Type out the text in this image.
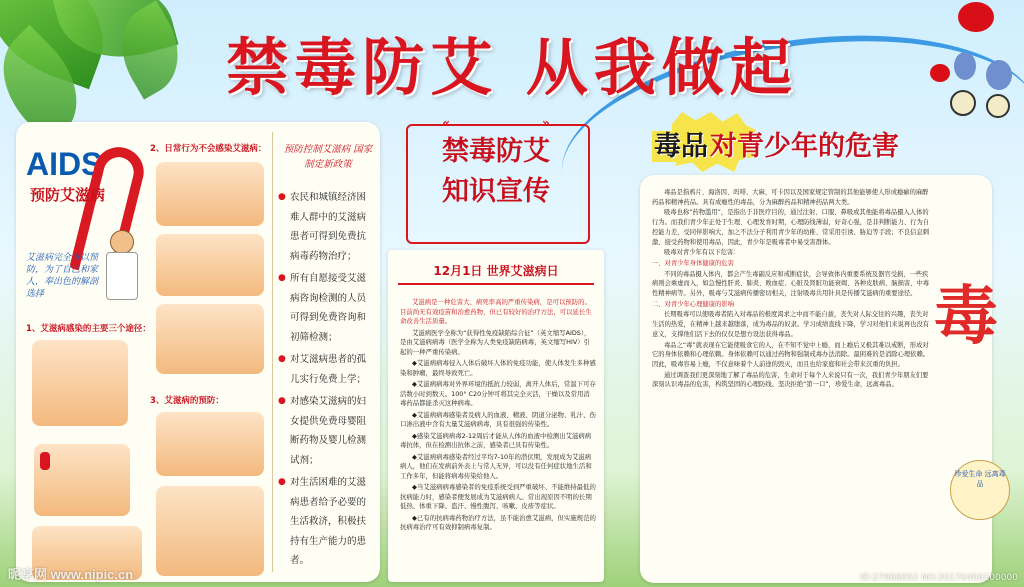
禁毒防艾 从我做起
AIDS
预防艾滋病
艾滋病完全可以预防，为了自己和家人，奉出色的解剖选择
1、艾滋病感染的主要三个途径：
2、日常行为不会感染艾滋病：
3、艾滋病的预防：
预防控制艾滋病 国家制定新政策
● 农民和城镇经济困难人群中的艾滋病患者可得到免费抗病毒药物治疗；
● 所有自愿接受艾滋病咨询检测的人员可得到免费咨询和初筛检测；
● 对艾滋病患者的孤儿实行免费上学；
● 对感染艾滋病的妇女提供免费母婴阻断药物及婴儿检测试剂；
● 对生活困难的艾滋病患者给予必要的生活救济，积极扶持有生产能力的患者。
«                      »
禁毒防艾
知识宣传
12月1日 世界艾滋病日

艾滋病是一种危害大、病死率高的严重传染病，是可以预防的。目前尚无有效疫苗和治愈药物，但已有较好的治疗方法，可以延长生命改善生活质量。

艾滋病医学全称为“获得性免疫缺陷综合征”（英文缩写AIDS），是由艾滋病病毒（医学全称为人类免疫缺陷病毒，英文缩写HIV）引起的一种严重传染病。

◆艾滋病病毒侵入人体后破坏人体的免疫功能，使人体发生多种感染和肿瘤，最终导致死亡。

◆艾滋病病毒对外界环境的抵抗力较弱，离开人体后，常温下可存活数小时到数天。100° C20分钟可将其完全灭活，干燥以及常用消毒药品都能杀灭这种病毒。

◆艾滋病病毒感染者及病人的血液、精液、阴道分泌物、乳汁、伤口渗出液中含有大量艾滋病病毒，具有很强的传染性。

◆感染艾滋病病毒2-12周后才能从人体的血液中检测出艾滋病病毒抗体，但在检测出抗体之前，感染者已具有传染性。

◆艾滋病病毒感染者经过平均7-10年的潜伏期，发展成为艾滋病病人，他们在发病前外表上与常人无异，可以没有任何症状地生活和工作多年，但能将病毒传染给他人。

◆当艾滋病病毒感染者的免疫系统受到严重破坏、不能维持最低的抗病能力时，感染者便发展成为艾滋病病人。常出现原因不明的长期低热、体重下降、盗汗、慢性腹泻、咳嗽、皮疹等症状。

◆已有的抗病毒药物治疗方法，虽不能治愈艾滋病，但实施规范的抗病毒治疗可有效抑制病毒复制。

毒品对青少年的危害

毒品是指鸦片、海洛因、吗啡、大麻、可卡因以及国家规定管制的其他能够使人形成瘾癖的麻醉药品和精神药品。具有成瘾性的毒品，分为麻醉药品和精神药品两大类。

吸毒也称“药物滥用”，是指出于非医疗目的，通过注射、口服、鼻吸或其他能将毒品摄入人体的行为。而我们青少年正处于生理、心理发育时期，心理防线薄弱，好奇心强，是非判断能力、行为自控能力差，受同伴影响大，加之不法分子利用青少年的幼稚、常采用引诱、胁迫等手段；不良信息刺激、接受药物和使用毒品，因此，青少年是吸毒者中易受害群体。

吸毒对青少年有以下危害：

一、对青少年身体健康的危害

不同的毒品摄入体内，都会产生毒副反应和戒断症状，会导致体内重要系统及器官受损，一些疾病则会乘虚而入，如急慢性肝炎、肺炎、败血症、心脏及肾脏功能衰竭、各种皮肤病、脑损害、中毒性精神病等。另外，吸毒与艾滋病传播密切相关，注射吸毒共用针具是传播艾滋病的重要途径。

二、对青少年心理健康的影响

长期吸毒可以使吸毒者陷入对毒品的极度渴求之中而不能自拔，丧失对人际交往的兴趣，丧失对生活的热爱，在精神上越来越堕落，成为毒品的奴隶。学习成绩直线下降，学习对他们来说再也没有意义，支撑他们活下去的仅仅是想方设法获得毒品。

毒品之“毒”就表现在它能使吸食它的人，在不知不觉中上瘾，而上瘾后又极其难以戒断，形成对它的身体依赖和心理依赖。身体依赖可以通过药物和强制戒毒办法消除。最困难的是消除心理依赖。因此，吸毒容易上瘾，不仅意味着个人前途的毁灭，而且也给家庭和社会带来沉重的负担。

通过调查我们更深刻地了解了毒品的危害，生命对于每个人来说只有一次，我们青少年朋友们要深刻认识毒品的危害，构筑坚固的心理防线。坚决拒绝“第一口”，珍爱生命，远离毒品。

毒
珍爱生命 远离毒品
昵享网 www.nipic.cn	ID:27968052 NO:20170406100000
